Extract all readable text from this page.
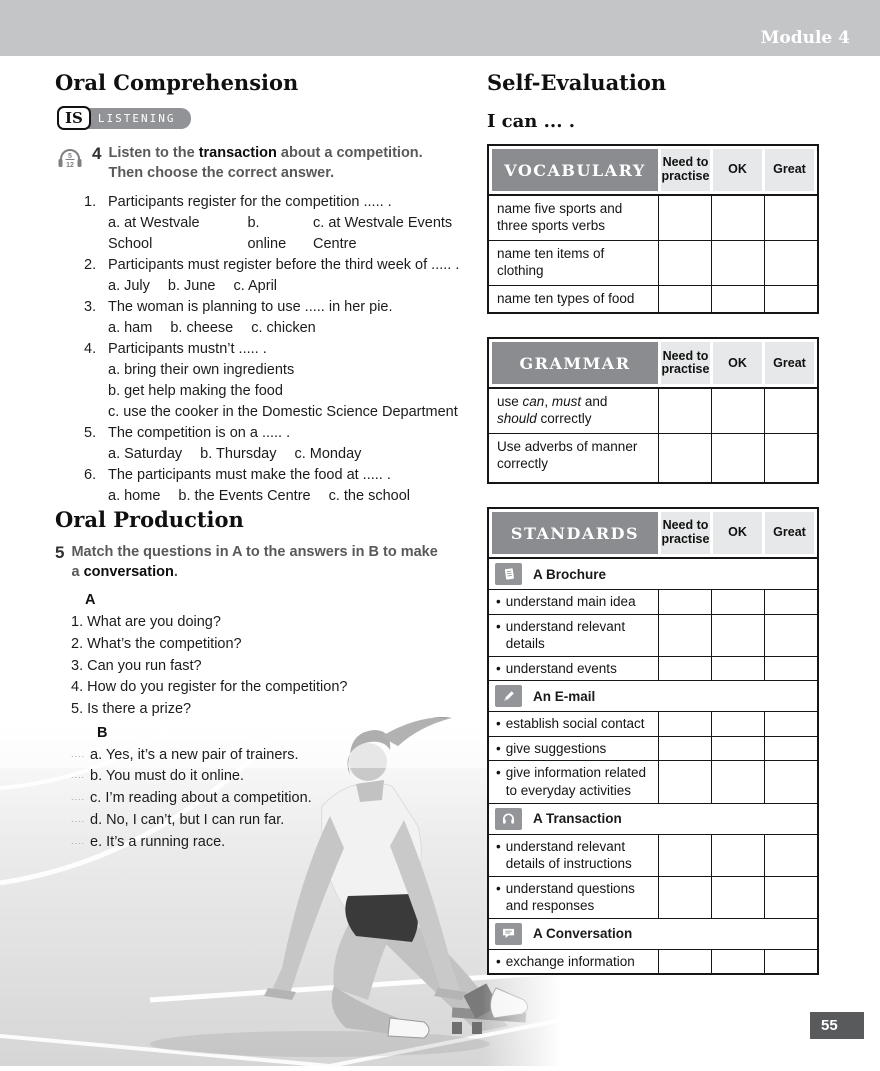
Module 4
Oral Comprehension
IS	LISTENING
5
12
4 Listen to the transaction about a competition.
Then choose the correct answer.
1. Participants register for the competition ..... .
a. at Westvale School
b. online
c. at Westvale Events Centre
2. Participants must register before the third week of ..... .
a. July b. June c. April
3. The woman is planning to use ..... in her pie.
a. ham b. cheese c. chicken
4. Participants mustn’t ..... .
a. bring their own ingredients
b. get help making the food
c. use the cooker in the Domestic Science Department
5. The competition is on a ..... .
a. Saturday b. Thursday c. Monday
6. The participants must make the food at ..... .
a. home b. the Events Centre c. the school
Oral Production
5 Match the questions in A to the answers in B to make
a conversation.
A
1. What are you doing?
2. What’s the competition?
3. Can you run fast?
4. How do you register for the competition?
5. Is there a prize?
B
.... a. Yes, it’s a new pair of trainers.
.... b. You must do it online.
.... c. I’m reading about a competition.
.... d. No, I can’t, but I can run far.
.... e. It’s a running race.
Self-Evaluation
I can ... .
VOCABULARY	Need to practise	OK	Great
name five sports and three sports verbs
name ten items of clothing
name ten types of food
GRAMMAR	Need to practise	OK	Great
use can, must and should correctly
Use adverbs of manner correctly
STANDARDS	Need to practise	OK	Great
A Brochure
• understand main idea
• understand relevant details
• understand events
An E-mail
• establish social contact
• give suggestions
• give information related to everyday activities
A Transaction
• understand relevant details of instructions
• understand questions and responses
A Conversation
• exchange information
55
